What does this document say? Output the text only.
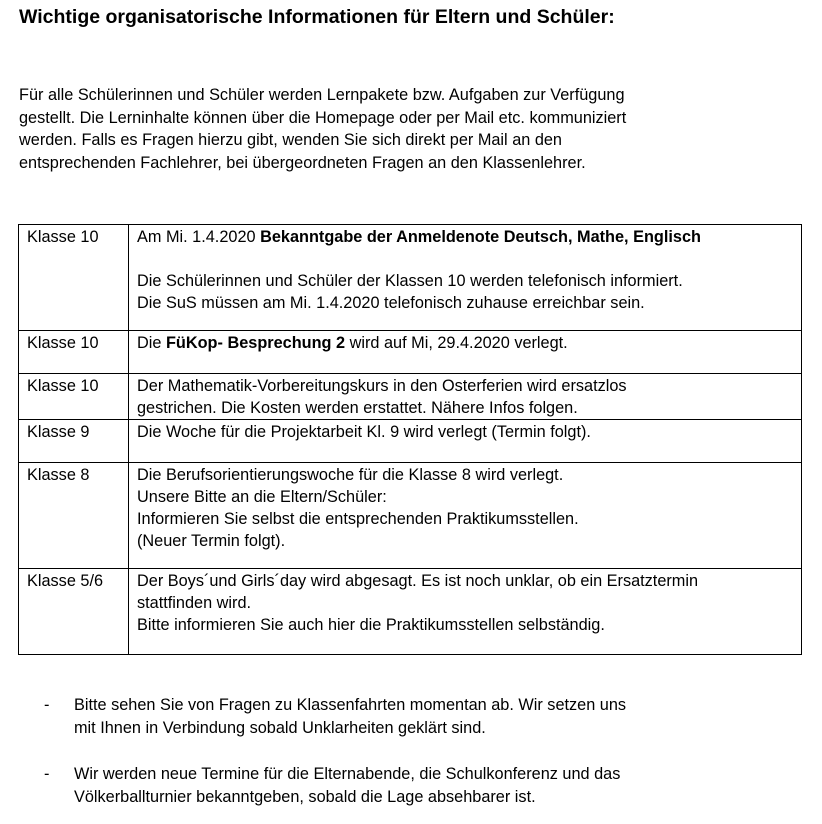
Wichtige organisatorische Informationen für Eltern und Schüler:
Für alle Schülerinnen und Schüler werden Lernpakete bzw. Aufgaben zur Verfügung
gestellt. Die Lerninhalte können über die Homepage oder per Mail etc. kommuniziert
werden. Falls es Fragen hierzu gibt, wenden Sie sich direkt per Mail an den
entsprechenden Fachlehrer, bei übergeordneten Fragen an den Klassenlehrer.
Klasse 10	Am Mi. 1.4.2020 Bekanntgabe der Anmeldenote Deutsch, Mathe, Englisch
Die Schülerinnen und Schüler der Klassen 10 werden telefonisch informiert.
Die SuS müssen am Mi. 1.4.2020 telefonisch zuhause erreichbar sein.

Klasse 10	Die FüKop- Besprechung 2 wird auf Mi, 29.4.2020 verlegt.

Klasse 10	Der Mathematik-Vorbereitungskurs in den Osterferien wird ersatzlos
gestrichen. Die Kosten werden erstattet. Nähere Infos folgen.

Klasse 9	Die Woche für die Projektarbeit Kl. 9 wird verlegt (Termin folgt).

Klasse 8	Die Berufsorientierungswoche für die Klasse 8 wird verlegt.
Unsere Bitte an die Eltern/Schüler:
Informieren Sie selbst die entsprechenden Praktikumsstellen.
(Neuer Termin folgt).

Klasse 5/6	Der Boys´und Girls´day wird abgesagt. Es ist noch unklar, ob ein Ersatztermin
stattfinden wird.
Bitte informieren Sie auch hier die Praktikumsstellen selbständig.
- Bitte sehen Sie von Fragen zu Klassenfahrten momentan ab. Wir setzen uns
mit Ihnen in Verbindung sobald Unklarheiten geklärt sind.
- Wir werden neue Termine für die Elternabende, die Schulkonferenz und das
Völkerballturnier bekanntgeben, sobald die Lage absehbarer ist.
